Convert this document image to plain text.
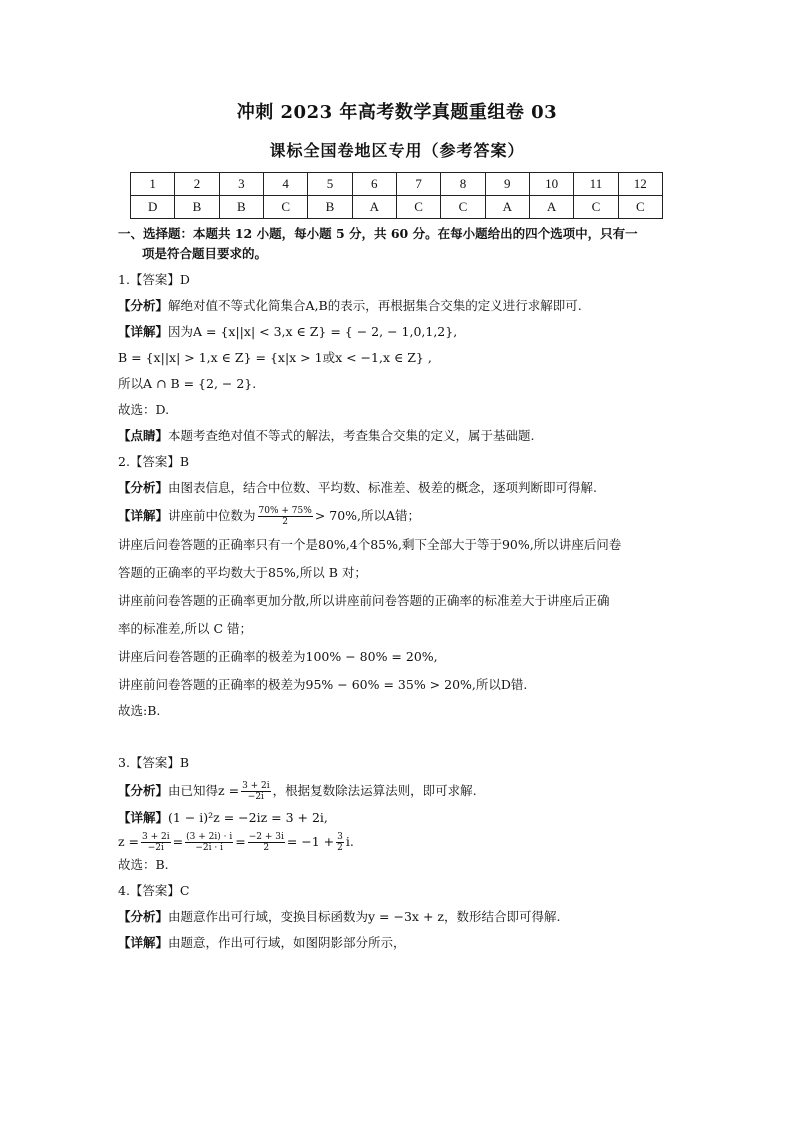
冲刺 2023 年高考数学真题重组卷 03
课标全国卷地区专用（参考答案）
1	2	3	4	5	6	7	8	9	10	11	12
D	B	B	C	B	A	C	C	A	A	C	C
一、选择题：本题共 12 小题，每小题 5 分，共 60 分。在每小题给出的四个选项中，只有一
项是符合题目要求的。
1.【答案】D
【分析】解绝对值不等式化简集合A,B的表示，再根据集合交集的定义进行求解即可.
【详解】因为A = {x||x| < 3,x ∈ Z} = { − 2, − 1,0,1,2},
B = {x||x| > 1,x ∈ Z} = {x|x > 1或x < −1,x ∈ Z} ,
所以A ∩ B = {2, − 2}.
故选：D.
【点睛】本题考查绝对值不等式的解法，考查集合交集的定义，属于基础题.
2.【答案】B
【分析】由图表信息，结合中位数、平均数、标准差、极差的概念，逐项判断即可得解.
【详解】讲座前中位数为 $\frac{70\% + 75\%}{2} > 70\%$,所以A错；
讲座后问卷答题的正确率只有一个是80%,4个85%,剩下全部大于等于90%,所以讲座后问卷
答题的正确率的平均数大于85%,所以 B 对；
讲座前问卷答题的正确率更加分散,所以讲座前问卷答题的正确率的标准差大于讲座后正确
率的标准差,所以 C 错；
讲座后问卷答题的正确率的极差为100% − 80% = 20%,
讲座前问卷答题的正确率的极差为95% − 60% = 35% > 20%,所以D错.
故选:B.
3.【答案】B
【分析】由已知得$z = \frac{3 + 2i}{-2i}$ ，根据复数除法运算法则，即可求解.
【详解】(1 − i)²z = −2iz = 3 + 2i,
$z = \frac{3 + 2i}{-2i} = \frac{(3 + 2i) \cdot i}{-2i \cdot i} = \frac{-2 + 3i}{2} = -1 + \frac{3}{2} i$.
故选：B.
4.【答案】C
【分析】由题意作出可行域，变换目标函数为y = −3x + z，数形结合即可得解.
【详解】由题意，作出可行域，如图阴影部分所示，
